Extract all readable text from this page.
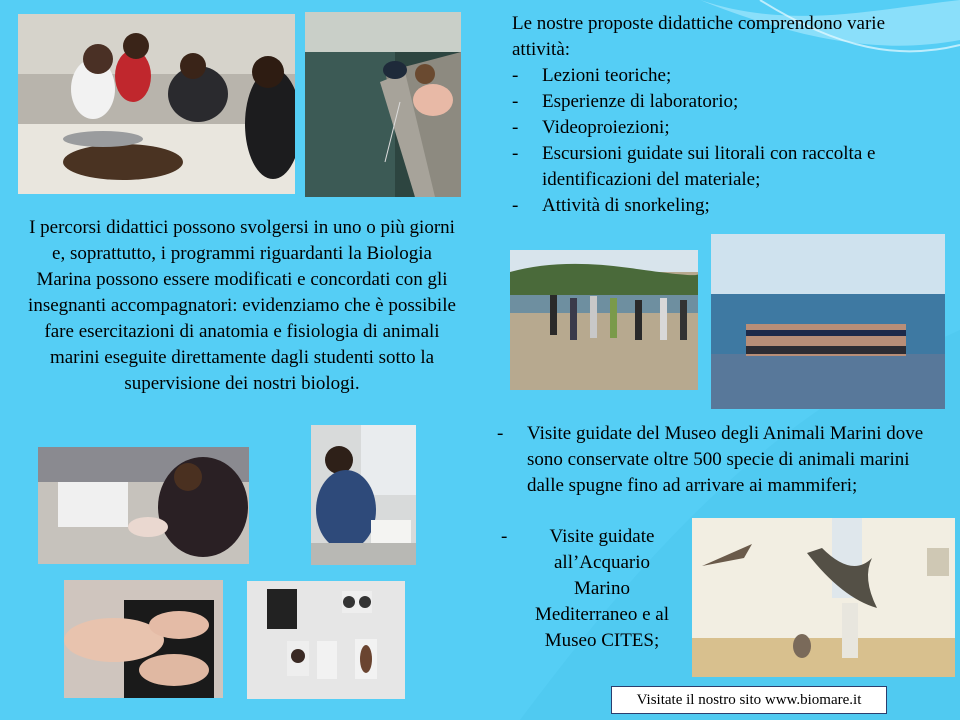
Le nostre proposte didattiche comprendono varie attività:
- Lezioni teoriche;
- Esperienze di laboratorio;
- Videoproiezioni;
- Escursioni guidate sui litorali con raccolta e identificazioni del materiale;
- Attività di snorkeling;
I percorsi didattici possono svolgersi in uno o più giorni e, soprattutto, i programmi riguardanti la Biologia Marina possono essere modificati e concordati con gli insegnanti accompagnatori: evidenziamo che è possibile fare esercitazioni di anatomia e fisiologia di animali marini eseguite direttamente dagli studenti sotto la supervisione dei nostri biologi.
- Visite guidate del Museo degli Animali Marini dove sono conservate oltre 500 specie di animali marini dalle spugne fino ad arrivare ai mammiferi;
-	Visite guidate all’Acquario Marino Mediterraneo e al Museo CITES;
Visitate il nostro sito www.biomare.it
